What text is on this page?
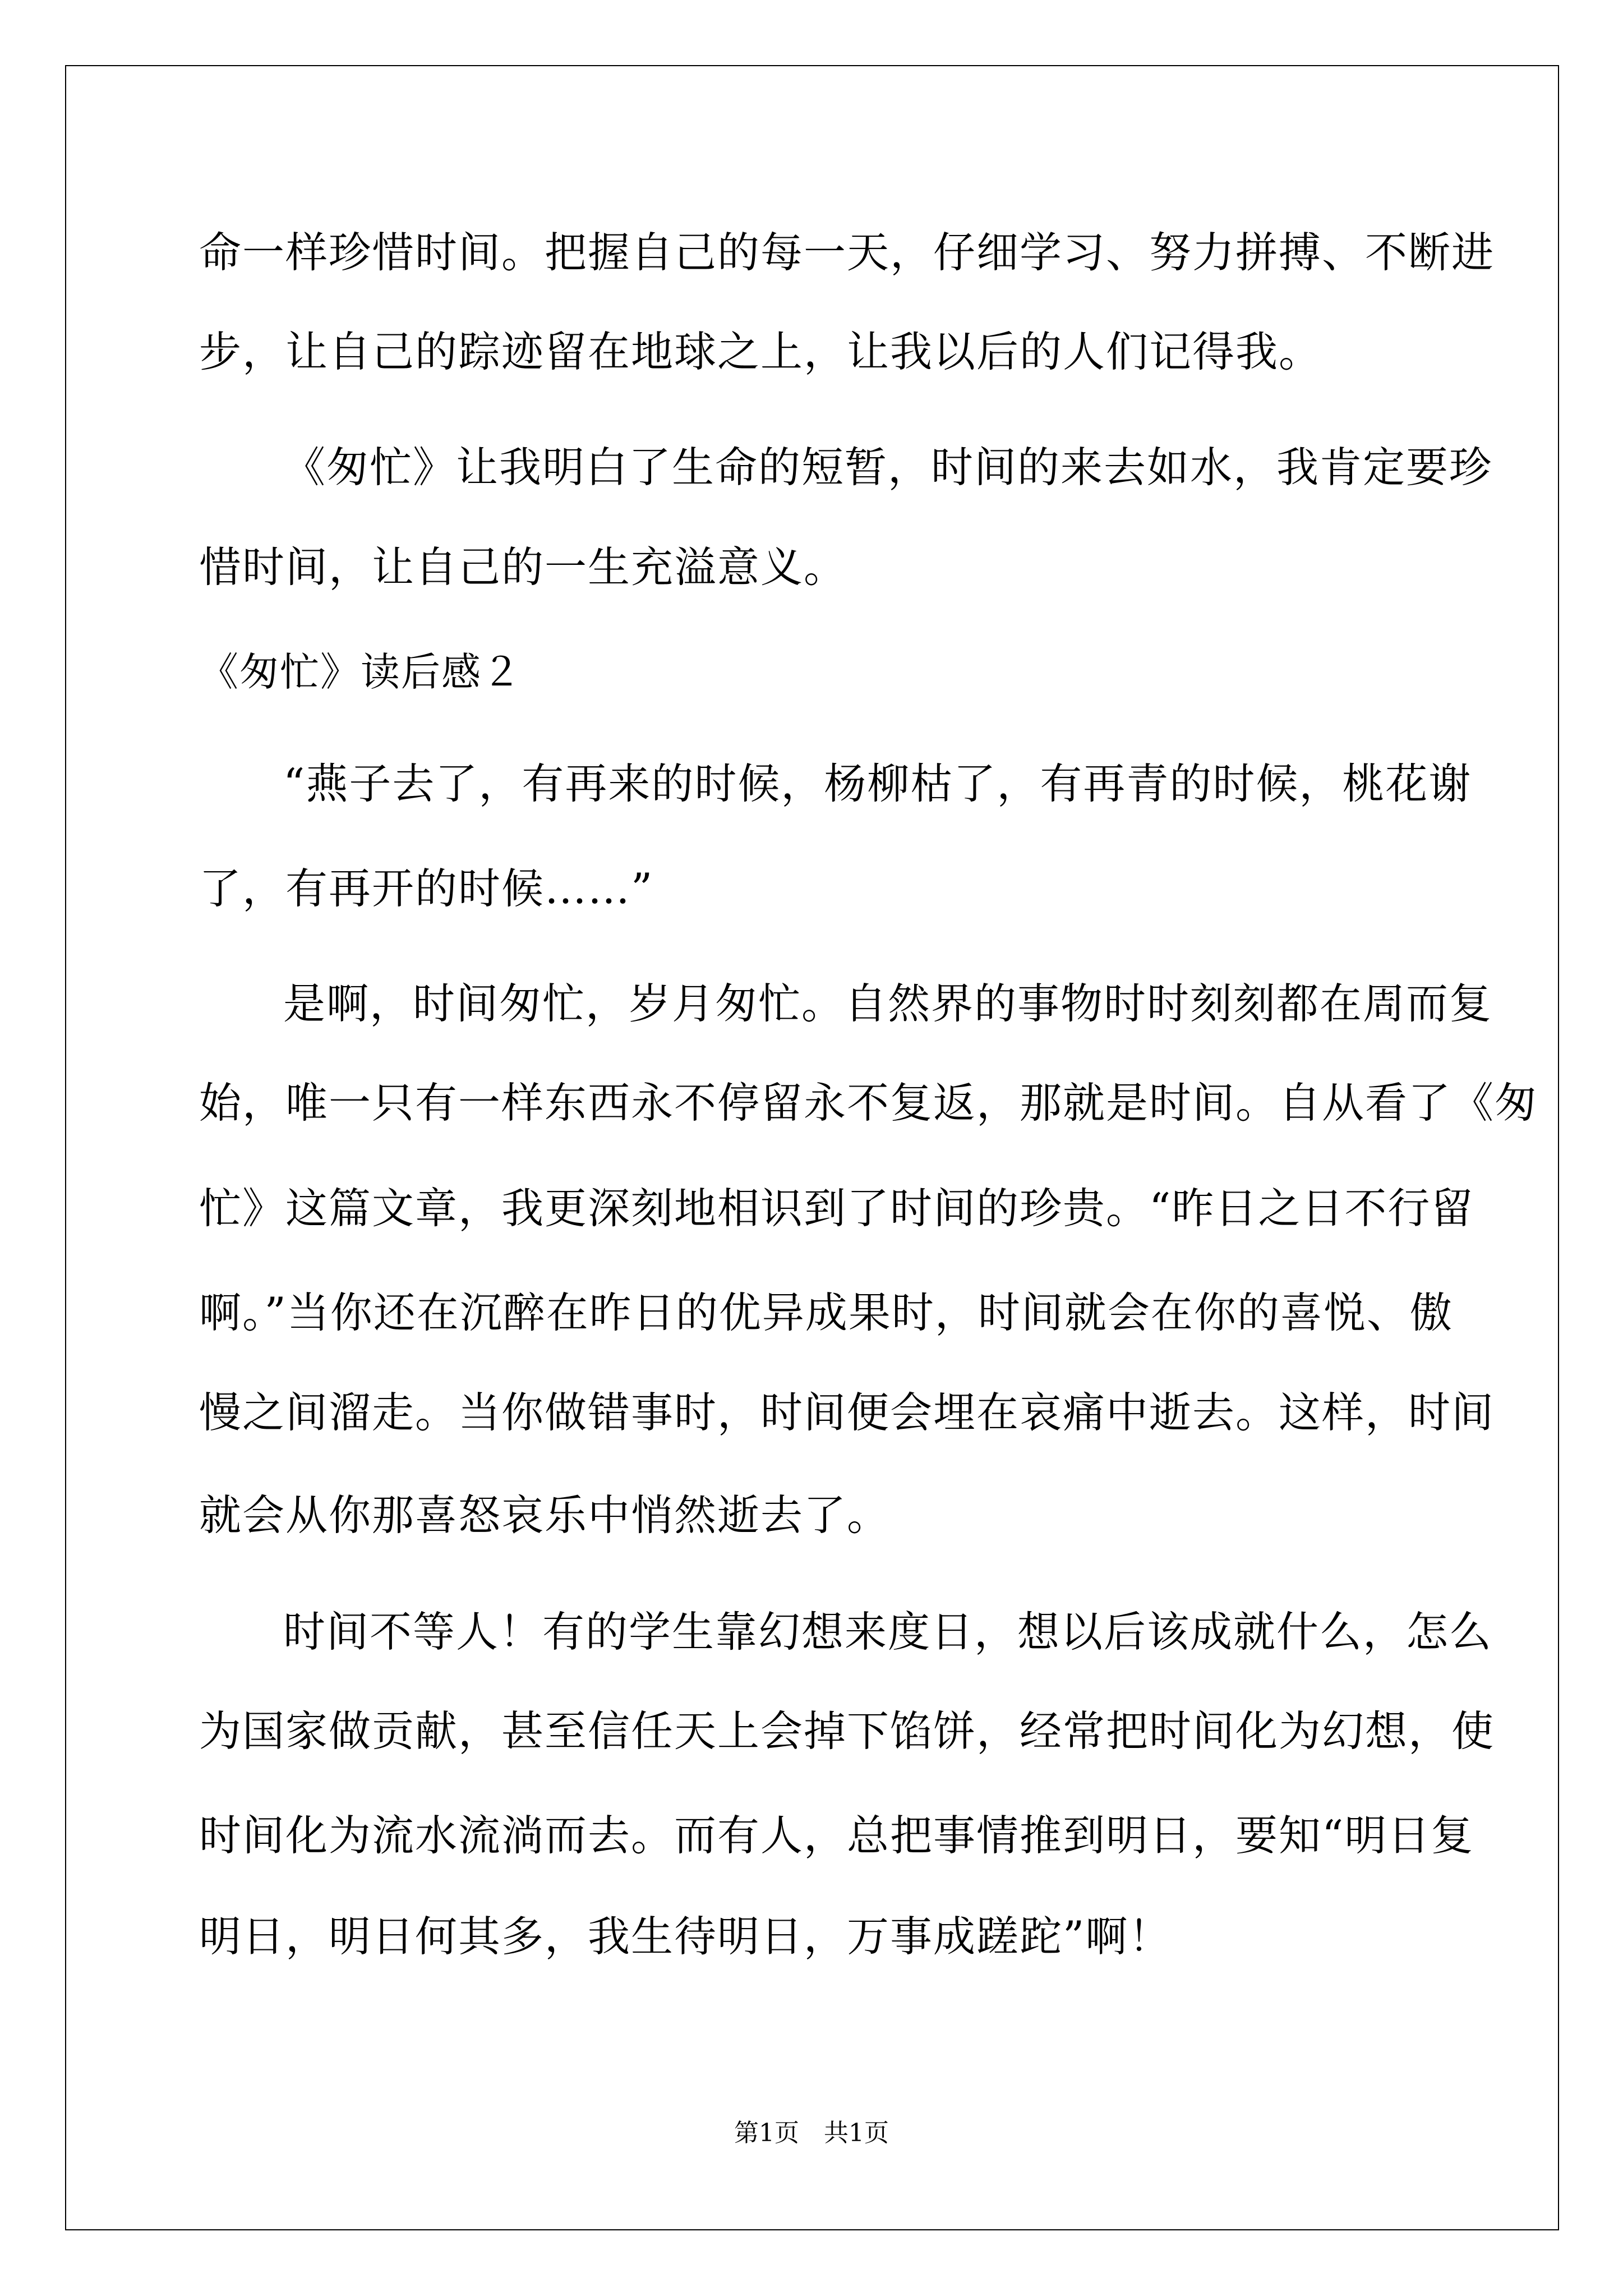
命一样珍惜时间。把握自己的每一天，仔细学习、努力拼搏、不断进
步，让自己的踪迹留在地球之上，让我以后的人们记得我。
《匆忙》让我明白了生命的短暂，时间的来去如水，我肯定要珍
惜时间，让自己的一生充溢意义。
《匆忙》读后感２
“燕子去了，有再来的时候，杨柳枯了，有再青的时候，桃花谢
了，有再开的时候……”
是啊，时间匆忙，岁月匆忙。自然界的事物时时刻刻都在周而复
始，唯一只有一样东西永不停留永不复返，那就是时间。自从看了《匆
忙》这篇文章，我更深刻地相识到了时间的珍贵。“昨日之日不行留
啊。”当你还在沉醉在昨日的优异成果时，时间就会在你的喜悦、傲
慢之间溜走。当你做错事时，时间便会埋在哀痛中逝去。这样，时间
就会从你那喜怒哀乐中悄然逝去了。
时间不等人！有的学生靠幻想来度日，想以后该成就什么，怎么
为国家做贡献，甚至信任天上会掉下馅饼，经常把时间化为幻想，使
时间化为流水流淌而去。而有人，总把事情推到明日，要知“明日复
明日，明日何其多，我生待明日，万事成蹉跎”啊！
第1页　共1页
